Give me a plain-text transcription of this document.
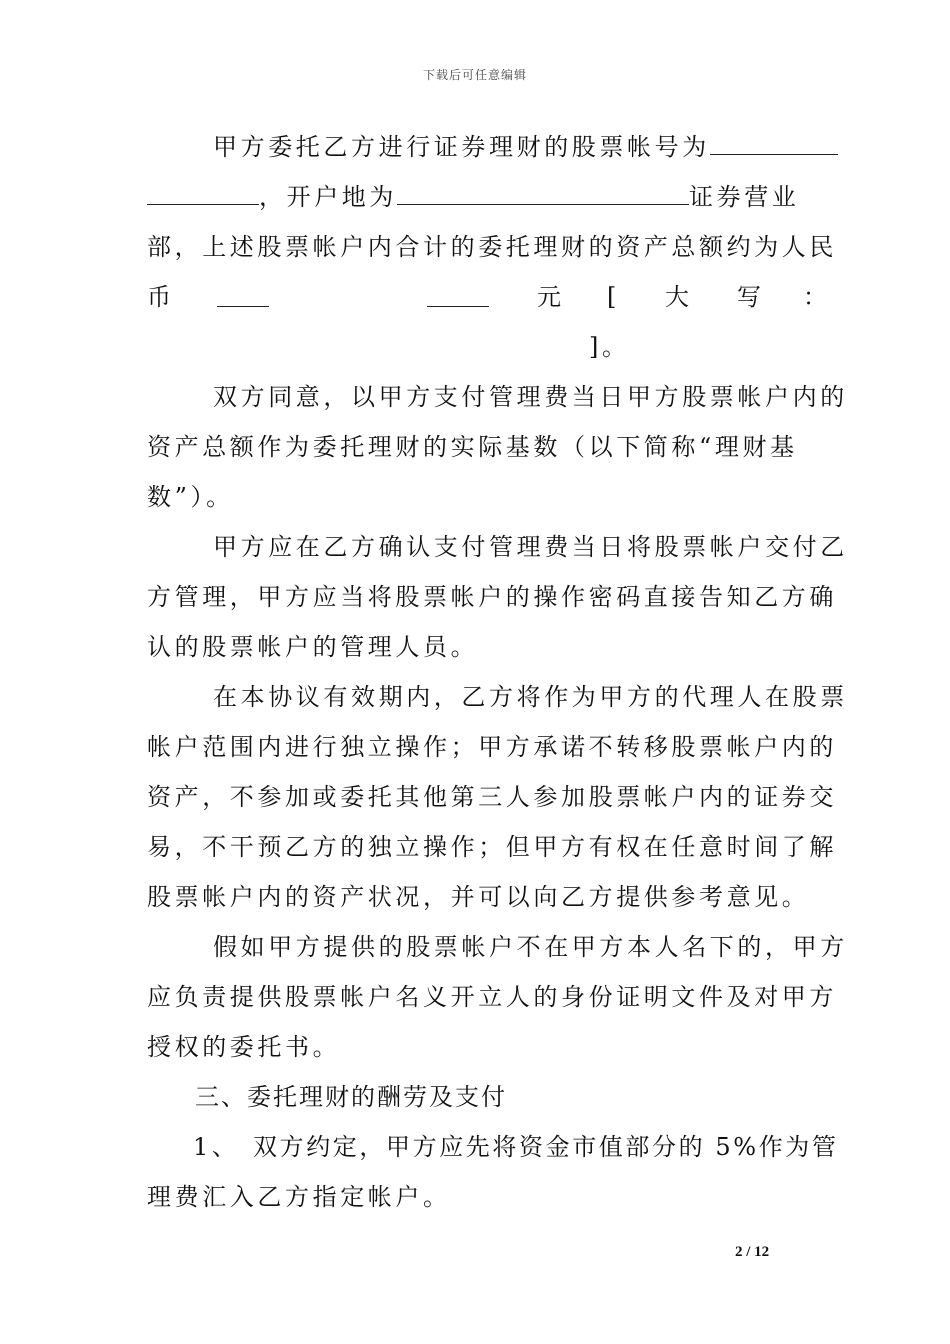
下载后可任意编辑
甲方委托乙方进行证券理财的股票帐号为
，开户地为	证券营业
部，上述股票帐户内合计的委托理财的资产总额约为人民
币	元 [ 大 写 ：
]。
双方同意，以甲方支付管理费当日甲方股票帐户内的
资产总额作为委托理财的实际基数（以下简称“理财基
数”）。
甲方应在乙方确认支付管理费当日将股票帐户交付乙
方管理，甲方应当将股票帐户的操作密码直接告知乙方确
认的股票帐户的管理人员。
在本协议有效期内，乙方将作为甲方的代理人在股票
帐户范围内进行独立操作；甲方承诺不转移股票帐户内的
资产，不参加或委托其他第三人参加股票帐户内的证券交
易，不干预乙方的独立操作；但甲方有权在任意时间了解
股票帐户内的资产状况，并可以向乙方提供参考意见。
假如甲方提供的股票帐户不在甲方本人名下的，甲方
应负责提供股票帐户名义开立人的身份证明文件及对甲方
授权的委托书。
三、委托理财的酬劳及支付
1、 双方约定，甲方应先将资金市值部分的 5%作为管
理费汇入乙方指定帐户。
2 / 12
